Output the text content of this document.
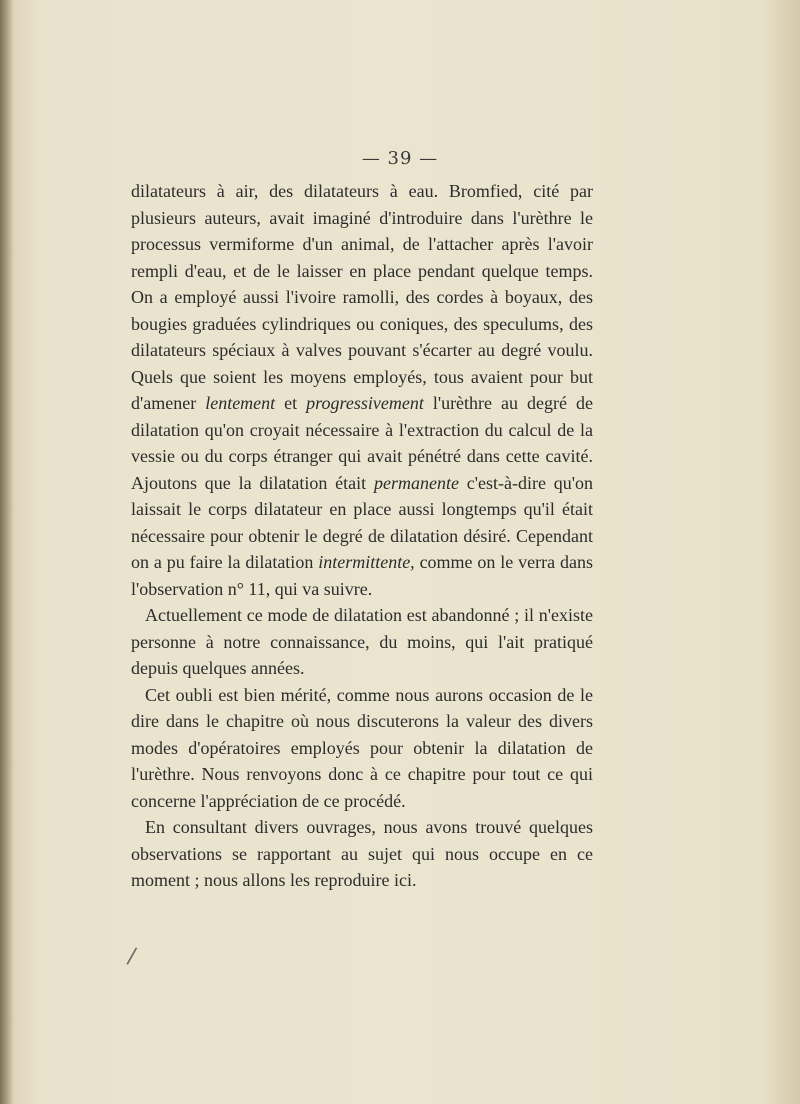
— 39 —

dilatateurs à air, des dilatateurs à eau. Bromfied, cité par plusieurs auteurs, avait imaginé d'introduire dans l'urèthre le processus vermiforme d'un animal, de l'attacher après l'avoir rempli d'eau, et de le laisser en place pendant quelque temps. On a employé aussi l'ivoire ramolli, des cordes à boyaux, des bougies graduées cylindriques ou coniques, des speculums, des dilatateurs spéciaux à valves pouvant s'écarter au degré voulu. Quels que soient les moyens employés, tous avaient pour but d'amener lentement et progressivement l'urèthre au degré de dilatation qu'on croyait nécessaire à l'extraction du calcul de la vessie ou du corps étranger qui avait pénétré dans cette cavité. Ajoutons que la dilatation était permanente c'est-à-dire qu'on laissait le corps dilatateur en place aussi longtemps qu'il était nécessaire pour obtenir le degré de dilatation désiré. Cependant on a pu faire la dilatation intermittente, comme on le verra dans l'observation n° 11, qui va suivre.

Actuellement ce mode de dilatation est abandonné ; il n'existe personne à notre connaissance, du moins, qui l'ait pratiqué depuis quelques années.

Cet oubli est bien mérité, comme nous aurons occasion de le dire dans le chapitre où nous discuterons la valeur des divers modes d'opératoires employés pour obtenir la dilatation de l'urèthre. Nous renvoyons donc à ce chapitre pour tout ce qui concerne l'appréciation de ce procédé.

En consultant divers ouvrages, nous avons trouvé quelques observations se rapportant au sujet qui nous occupe en ce moment ; nous allons les reproduire ici.

/
